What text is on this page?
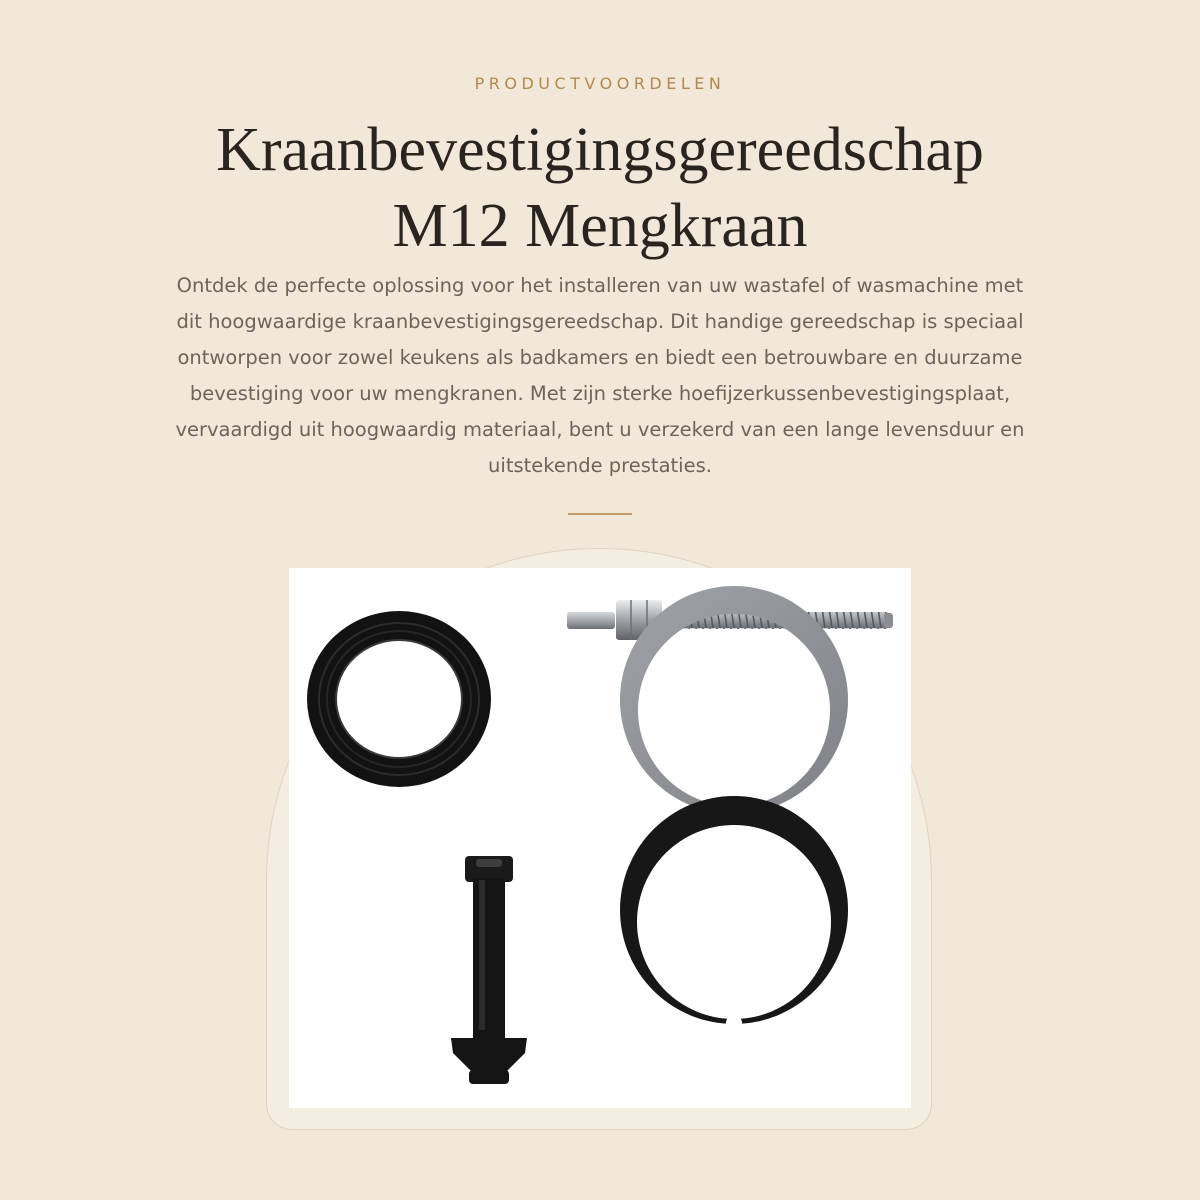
PRODUCTVOORDELEN
Kraanbevestigingsgereedschap
M12 Mengkraan

Ontdek de perfecte oplossing voor het installeren van uw wastafel of wasmachine met dit hoogwaardige kraanbevestigingsgereedschap. Dit handige gereedschap is speciaal ontworpen voor zowel keukens als badkamers en biedt een betrouwbare en duurzame bevestiging voor uw mengkranen. Met zijn sterke hoefijzerkussenbevestigingsplaat, vervaardigd uit hoogwaardig materiaal, bent u verzekerd van een lange levensduur en uitstekende prestaties.
